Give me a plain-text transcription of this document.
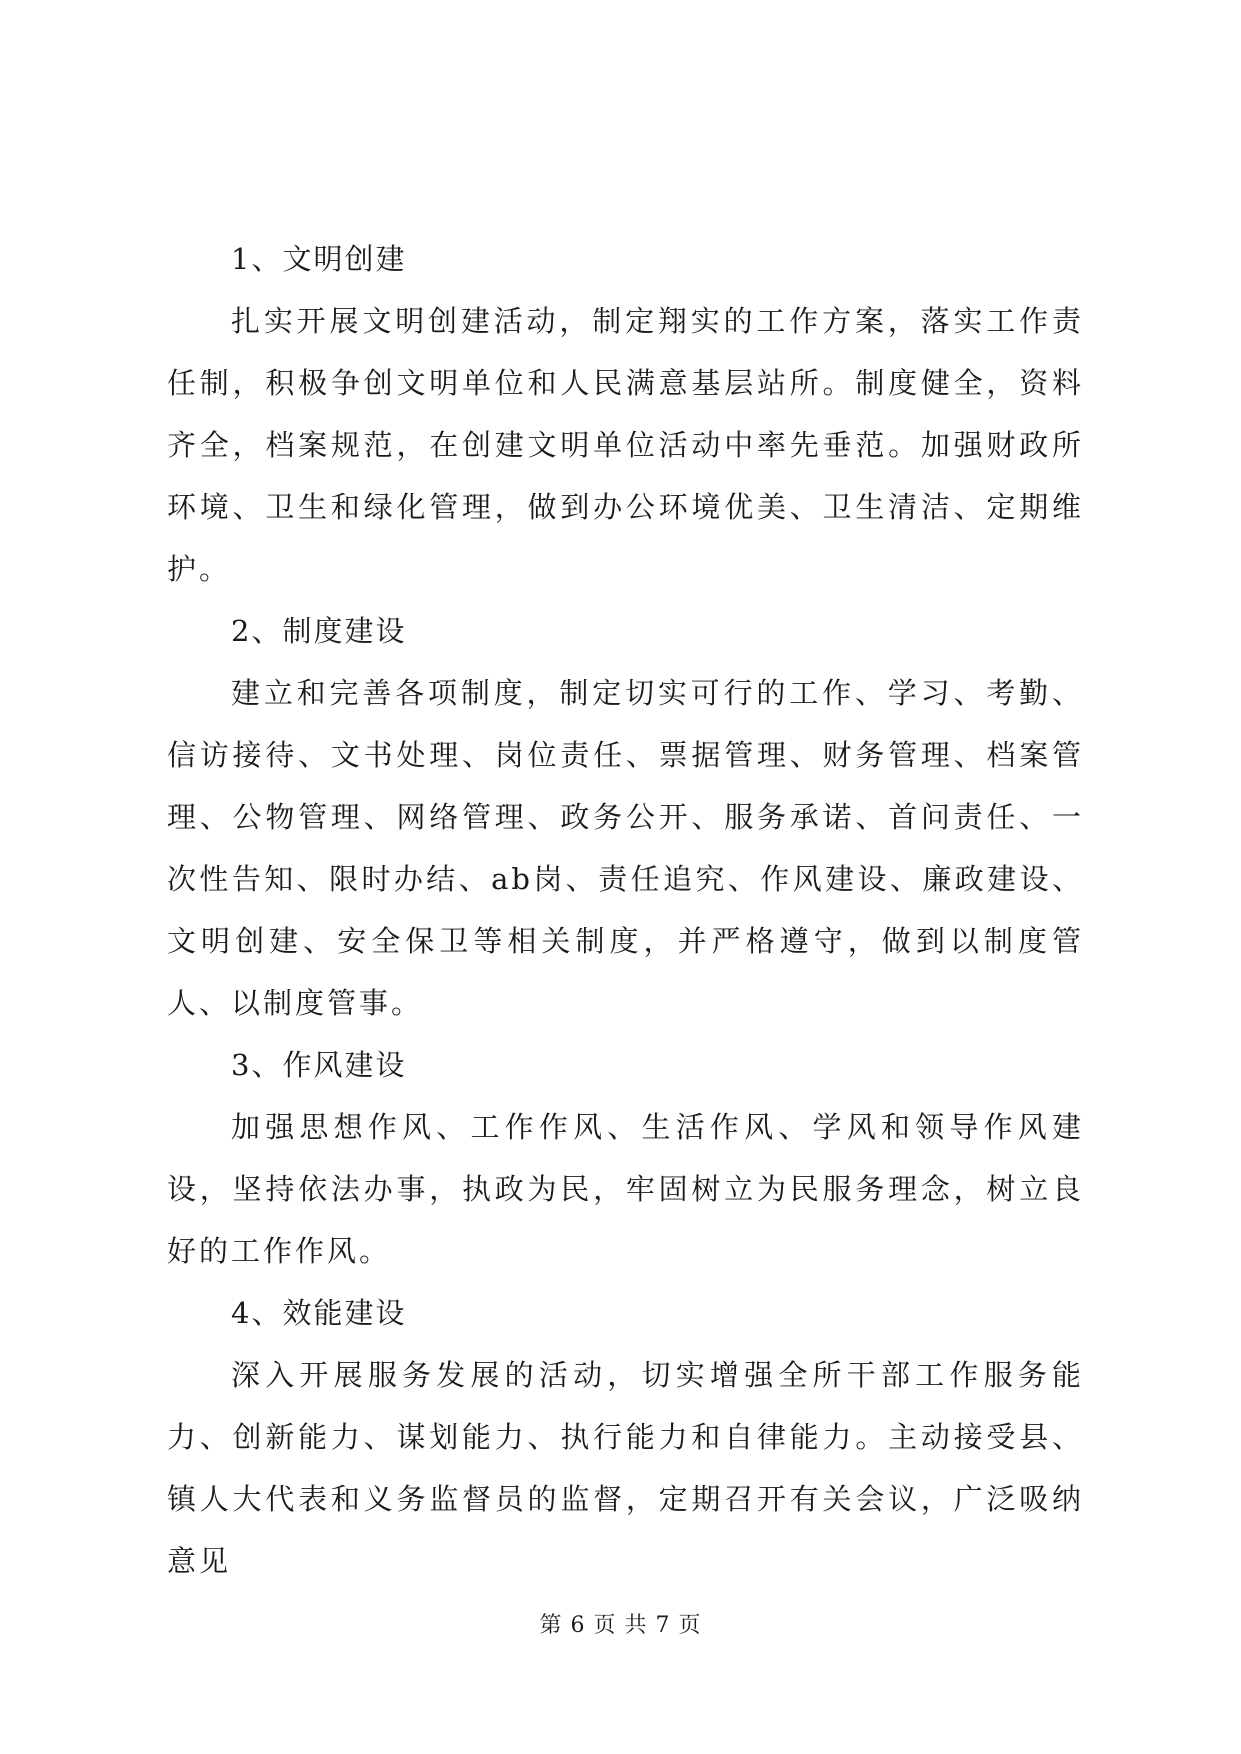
1、文明创建

扎实开展文明创建活动，制定翔实的工作方案，落实工作责任制，积极争创文明单位和人民满意基层站所。制度健全，资料齐全，档案规范，在创建文明单位活动中率先垂范。加强财政所环境、卫生和绿化管理，做到办公环境优美、卫生清洁、定期维护。

2、制度建设

建立和完善各项制度，制定切实可行的工作、学习、考勤、信访接待、文书处理、岗位责任、票据管理、财务管理、档案管理、公物管理、网络管理、政务公开、服务承诺、首问责任、一次性告知、限时办结、ab岗、责任追究、作风建设、廉政建设、文明创建、安全保卫等相关制度，并严格遵守，做到以制度管人、以制度管事。

3、作风建设

加强思想作风、工作作风、生活作风、学风和领导作风建设，坚持依法办事，执政为民，牢固树立为民服务理念，树立良好的工作作风。

4、效能建设

深入开展服务发展的活动，切实增强全所干部工作服务能力、创新能力、谋划能力、执行能力和自律能力。主动接受县、镇人大代表和义务监督员的监督，定期召开有关会议，广泛吸纳意见

第 6 页 共 7 页
